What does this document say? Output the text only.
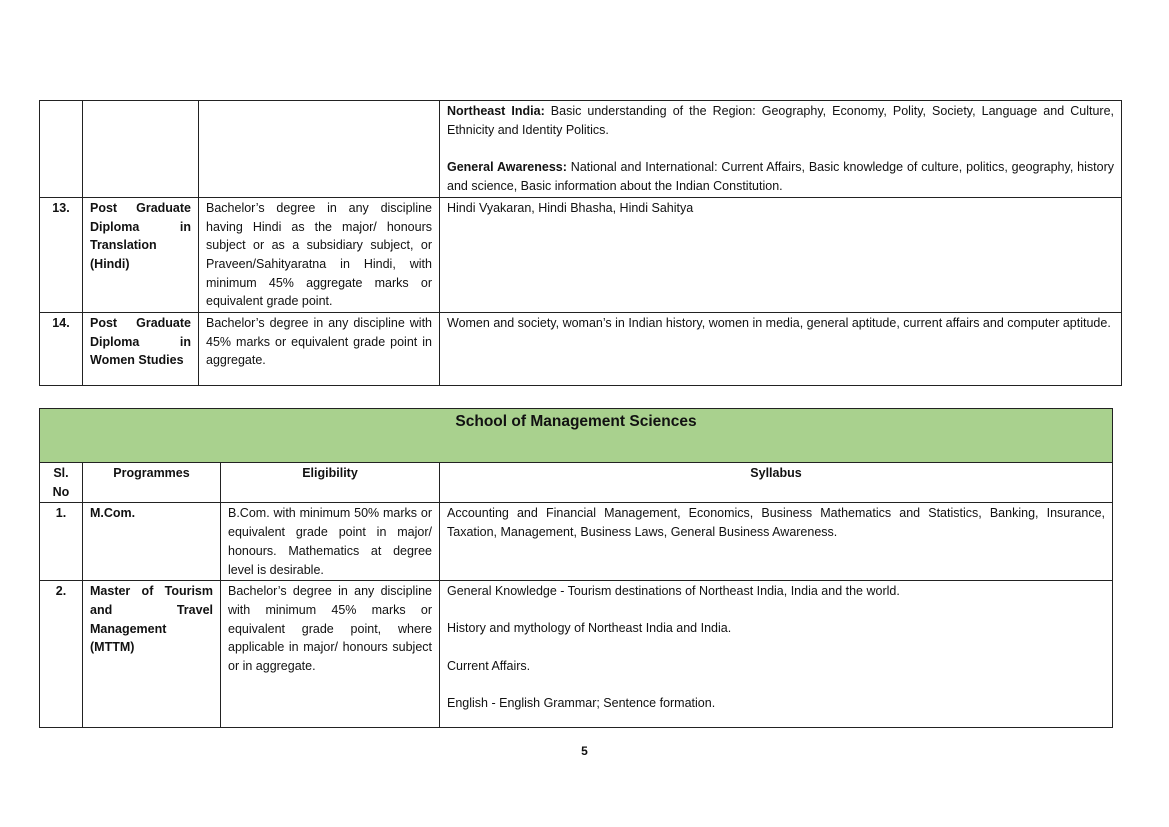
			Northeast India: Basic understanding of the Region: Geography, Economy, Polity, Society, Language and Culture, Ethnicity and Identity Politics.
General Awareness: National and International: Current Affairs, Basic knowledge of culture, politics, geography, history and science, Basic information about the Indian Constitution.

13.	Post Graduate Diploma in Translation (Hindi)	Bachelor’s degree in any discipline having Hindi as the major/ honours subject or as a subsidiary subject, or Praveen/Sahityaratna in Hindi, with minimum 45% aggregate marks or equivalent grade point.	Hindi Vyakaran, Hindi Bhasha, Hindi Sahitya
14.	Post Graduate Diploma in Women Studies	Bachelor’s degree in any discipline with 45% marks or equivalent grade point in aggregate.	Women and society, woman’s in Indian history, women in media, general aptitude, current affairs and computer aptitude.
School of Management Sciences			
Sl. No	Programmes	Eligibility	Syllabus
1.	M.Com.	B.Com. with minimum 50% marks or equivalent grade point in major/ honours. Mathematics at degree level is desirable.	Accounting and Financial Management, Economics, Business Mathematics and Statistics, Banking, Insurance, Taxation, Management, Business Laws, General Business Awareness.
2.	Master of Tourism and Travel Management (MTTM)	Bachelor’s degree in any discipline with minimum 45% marks or equivalent grade point, where applicable in major/ honours subject or in aggregate.	General Knowledge - Tourism destinations of Northeast India, India and the world.
History and mythology of Northeast India and India.
Current Affairs.
English - English Grammar; Sentence formation.
5
